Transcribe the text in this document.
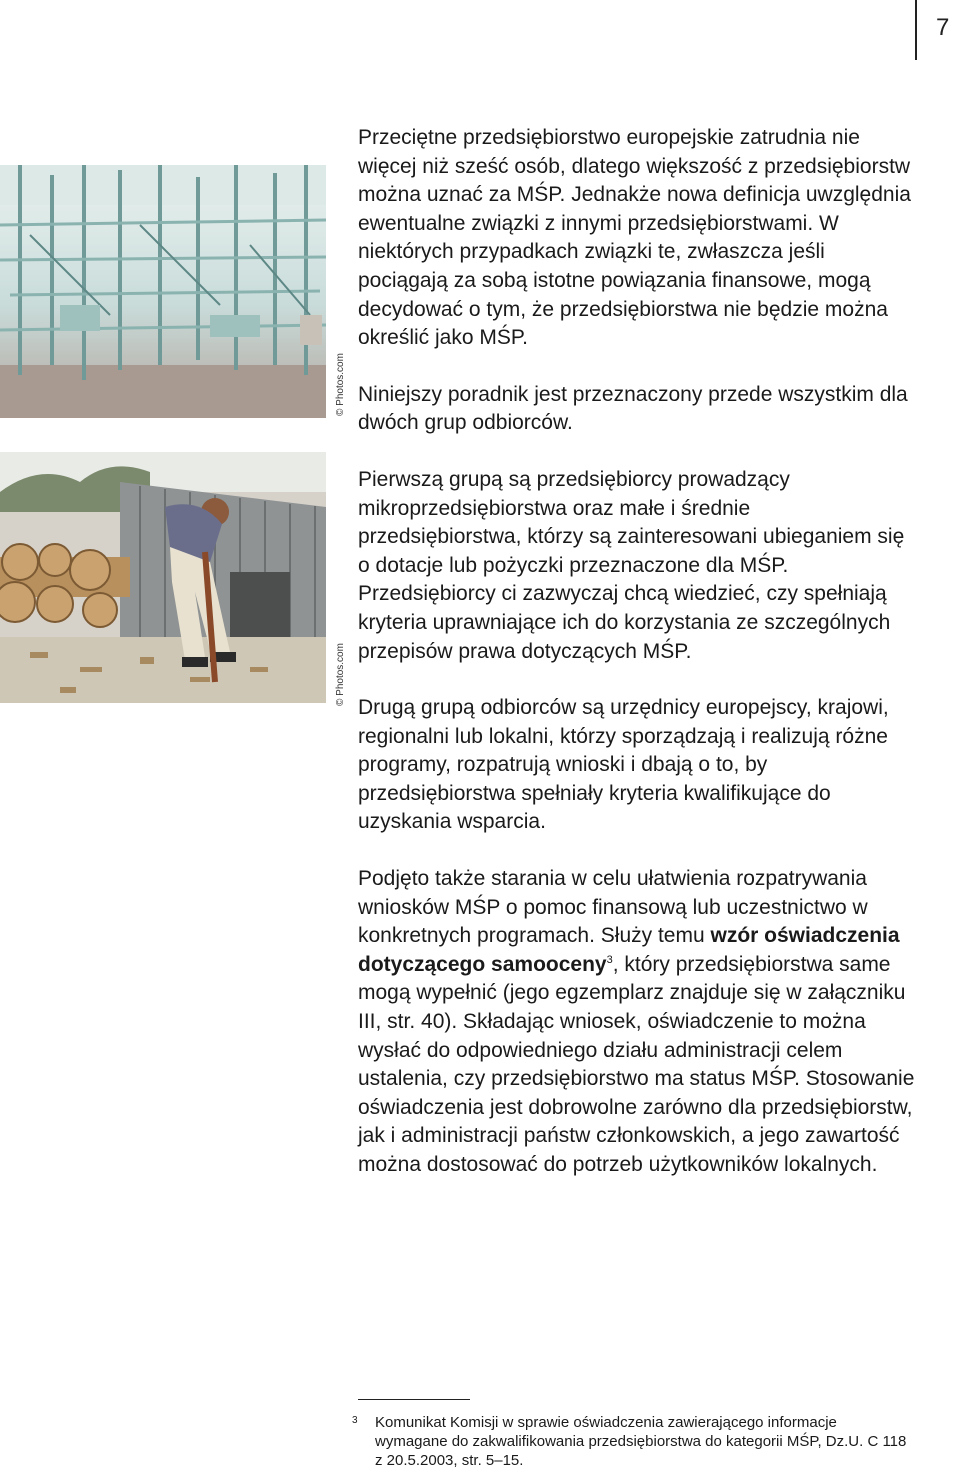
7
© Photos.com
© Photos.com

Przeciętne przedsiębiorstwo europejskie zatrudnia nie więcej niż sześć osób, dlatego większość z przedsiębiorstw można uznać za MŚP. Jednakże nowa definicja uwzględnia ewentualne związki z innymi przedsiębiorstwami. W niektórych przypadkach związki te, zwłaszcza jeśli pociągają za sobą istotne powiązania finansowe, mogą decydować o tym, że przedsiębiorstwa nie będzie można określić jako MŚP.

Niniejszy poradnik jest przeznaczony przede wszystkim dla dwóch grup odbiorców.

Pierwszą grupą są przedsiębiorcy prowadzący mikroprzedsiębiorstwa oraz małe i średnie przedsiębiorstwa, którzy są zainteresowani ubieganiem się o dotacje lub pożyczki przeznaczone dla MŚP. Przedsiębiorcy ci zazwyczaj chcą wiedzieć, czy spełniają kryteria uprawniające ich do korzystania ze szczególnych przepisów prawa dotyczących MŚP.

Drugą grupą odbiorców są urzędnicy europejscy, krajowi, regionalni lub lokalni, którzy sporządzają i realizują różne programy, rozpatrują wnioski i dbają o to, by przedsiębiorstwa spełniały kryteria kwalifikujące do uzyskania wsparcia.

Podjęto także starania w celu ułatwienia rozpatrywania wniosków MŚP o pomoc finansową lub uczestnictwo w konkretnych programach. Służy temu wzór oświadczenia dotyczącego samooceny$^3$, który przedsiębiorstwa same mogą wypełnić (jego egzemplarz znajduje się w załączniku III, str. 40). Składając wniosek, oświadczenie to można wysłać do odpowiedniego działu administracji celem ustalenia, czy przedsiębiorstwo ma status MŚP. Stosowanie oświadczenia jest dobrowolne zarówno dla przedsiębiorstw, jak i administracji państw członkowskich, a jego zawartość można dostosować do potrzeb użytkowników lokalnych.

3 Komunikat Komisji w sprawie oświadczenia zawierającego informacje wymagane do zakwalifikowania przedsiębiorstwa do kategorii MŚP, Dz.U. C 118 z 20.5.2003, str. 5–15.
